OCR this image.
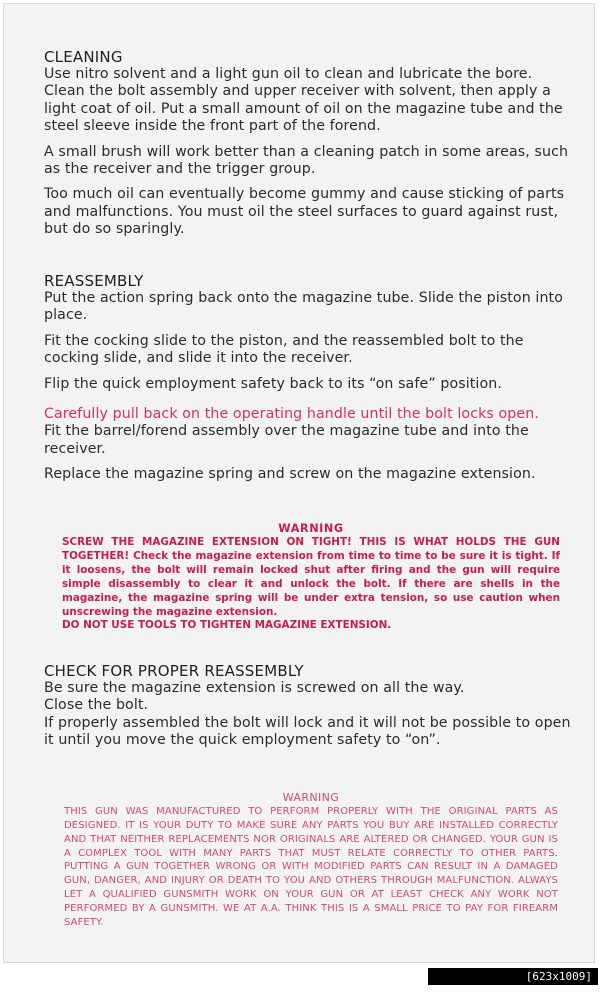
CLEANING

Use nitro solvent and a light gun oil to clean and lubricate the bore. Clean the bolt assembly and upper receiver with solvent, then apply a light coat of oil. Put a small amount of oil on the magazine tube and the steel sleeve inside the front part of the forend.

A small brush will work better than a cleaning patch in some areas, such as the receiver and the trigger group.

Too much oil can eventually become gummy and cause sticking of parts and malfunctions. You must oil the steel surfaces to guard against rust, but do so sparingly.

REASSEMBLY

Put the action spring back onto the magazine tube. Slide the piston into place.

Fit the cocking slide to the piston, and the reassembled bolt to the cocking slide, and slide it into the receiver.

Flip the quick employment safety back to its “on safe” position.

Carefully pull back on the operating handle until the bolt locks open.

Fit the barrel/forend assembly over the magazine tube and into the receiver.

Replace the magazine spring and screw on the magazine extension.

WARNING

SCREW THE MAGAZINE EXTENSION ON TIGHT! THIS IS WHAT HOLDS THE GUN TOGETHER! Check the magazine extension from time to time to be sure it is tight. If it loosens, the bolt will remain locked shut after firing and the gun will require simple disassembly to clear it and unlock the bolt. If there are shells in the magazine, the magazine spring will be under extra tension, so use caution when unscrewing the magazine extension.

DO NOT USE TOOLS TO TIGHTEN MAGAZINE EXTENSION.

CHECK FOR PROPER REASSEMBLY

Be sure the magazine extension is screwed on all the way.

Close the bolt.

If properly assembled the bolt will lock and it will not be possible to open it until you move the quick employment safety to “on”.

WARNING

THIS GUN WAS MANUFACTURED TO PERFORM PROPERLY WITH THE ORIGINAL PARTS AS DESIGNED. IT IS YOUR DUTY TO MAKE SURE ANY PARTS YOU BUY ARE INSTALLED CORRECTLY AND THAT NEITHER REPLACEMENTS NOR ORIGINALS ARE ALTERED OR CHANGED. YOUR GUN IS A COMPLEX TOOL WITH MANY PARTS THAT MUST RELATE CORRECTLY TO OTHER PARTS. PUTTING A GUN TOGETHER WRONG OR WITH MODIFIED PARTS CAN RESULT IN A DAMAGED GUN, DANGER, AND INJURY OR DEATH TO YOU AND OTHERS THROUGH MALFUNCTION. ALWAYS LET A QUALIFIED GUNSMITH WORK ON YOUR GUN OR AT LEAST CHECK ANY WORK NOT PERFORMED BY A GUNSMITH. WE AT A.A. THINK THIS IS A SMALL PRICE TO PAY FOR FIREARM SAFETY.

[623x1009] https://upic.me/
